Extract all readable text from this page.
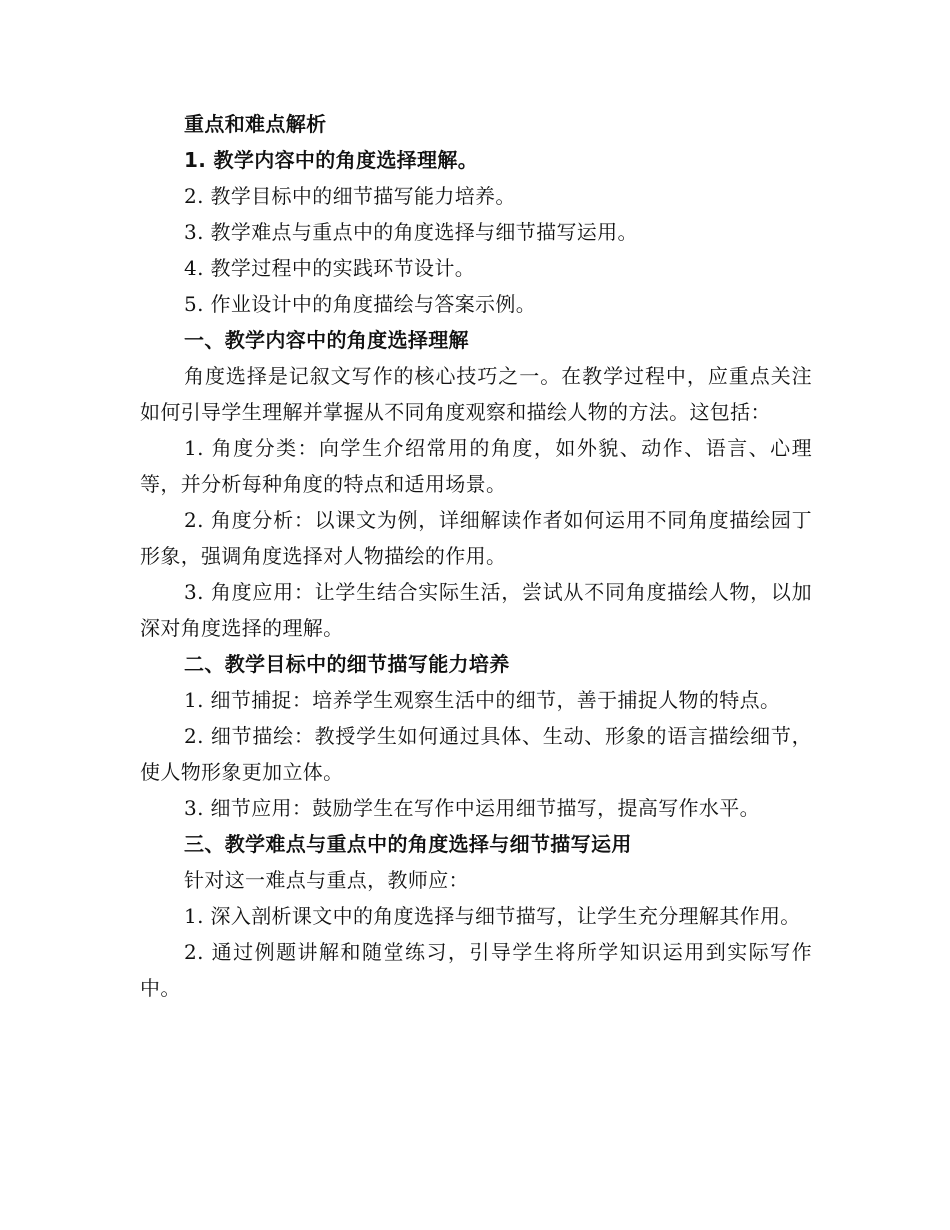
重点和难点解析

1. 教学内容中的角度选择理解。

2. 教学目标中的细节描写能力培养。

3. 教学难点与重点中的角度选择与细节描写运用。

4. 教学过程中的实践环节设计。

5. 作业设计中的角度描绘与答案示例。

一、教学内容中的角度选择理解

角度选择是记叙文写作的核心技巧之一。在教学过程中，应重点关注如何引导学生理解并掌握从不同角度观察和描绘人物的方法。这包括：

1. 角度分类：向学生介绍常用的角度，如外貌、动作、语言、心理等，并分析每种角度的特点和适用场景。

2. 角度分析：以课文为例，详细解读作者如何运用不同角度描绘园丁形象，强调角度选择对人物描绘的作用。

3. 角度应用：让学生结合实际生活，尝试从不同角度描绘人物，以加深对角度选择的理解。

二、教学目标中的细节描写能力培养

1. 细节捕捉：培养学生观察生活中的细节，善于捕捉人物的特点。

2. 细节描绘：教授学生如何通过具体、生动、形象的语言描绘细节，使人物形象更加立体。

3. 细节应用：鼓励学生在写作中运用细节描写，提高写作水平。

三、教学难点与重点中的角度选择与细节描写运用

针对这一难点与重点，教师应：

1. 深入剖析课文中的角度选择与细节描写，让学生充分理解其作用。

2. 通过例题讲解和随堂练习，引导学生将所学知识运用到实际写作中。
